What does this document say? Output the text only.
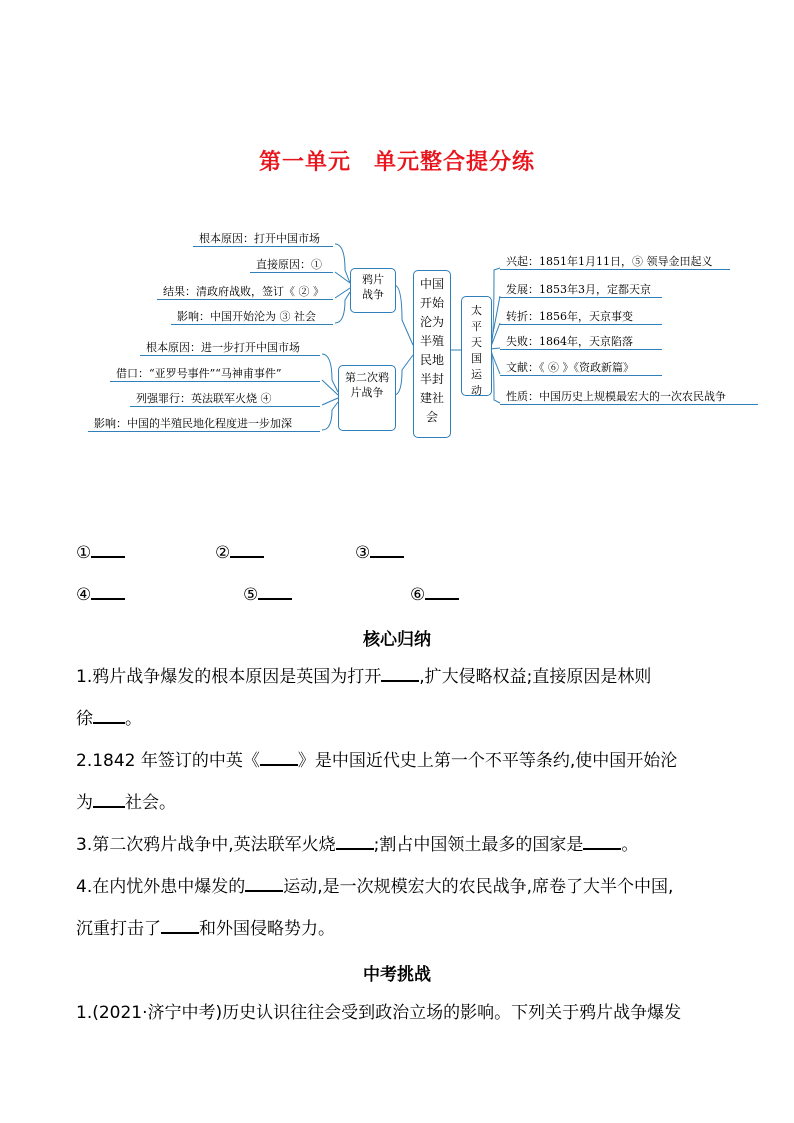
第一单元　单元整合提分练
根本原因：打开中国市场
直接原因：①
结果：清政府战败，签订《 ② 》
影响：中国开始沦为 ③ 社会
鸦片战争
根本原因：进一步打开中国市场
借口：“亚罗号事件”“马神甫事件”
列强罪行：英法联军火烧 ④
影响：中国的半殖民地化程度进一步加深
第二次鸦片战争
中国开始沦为半殖民地半封建社会
太平天国运动
兴起：1851年1月11日，⑤ 领导金田起义
发展：1853年3月，定都天京
转折：1856年，天京事变
失败：1864年，天京陷落
文献：《 ⑥ 》《资政新篇》
性质：中国历史上规模最宏大的一次农民战争
①	②	③
④	⑤	⑥
核心归纳

1.鸦片战争爆发的根本原因是英国为打开 ,扩大侵略权益;直接原因是林则

徐 。

2.1842 年签订的中英《 》是中国近代史上第一个不平等条约,使中国开始沦

为 社会。

3.第二次鸦片战争中,英法联军火烧 ;割占中国领土最多的国家是 。

4.在内忧外患中爆发的 运动,是一次规模宏大的农民战争,席卷了大半个中国,

沉重打击了 和外国侵略势力。

中考挑战

1.(2021·济宁中考)历史认识往往会受到政治立场的影响。下列关于鸦片战争爆发
